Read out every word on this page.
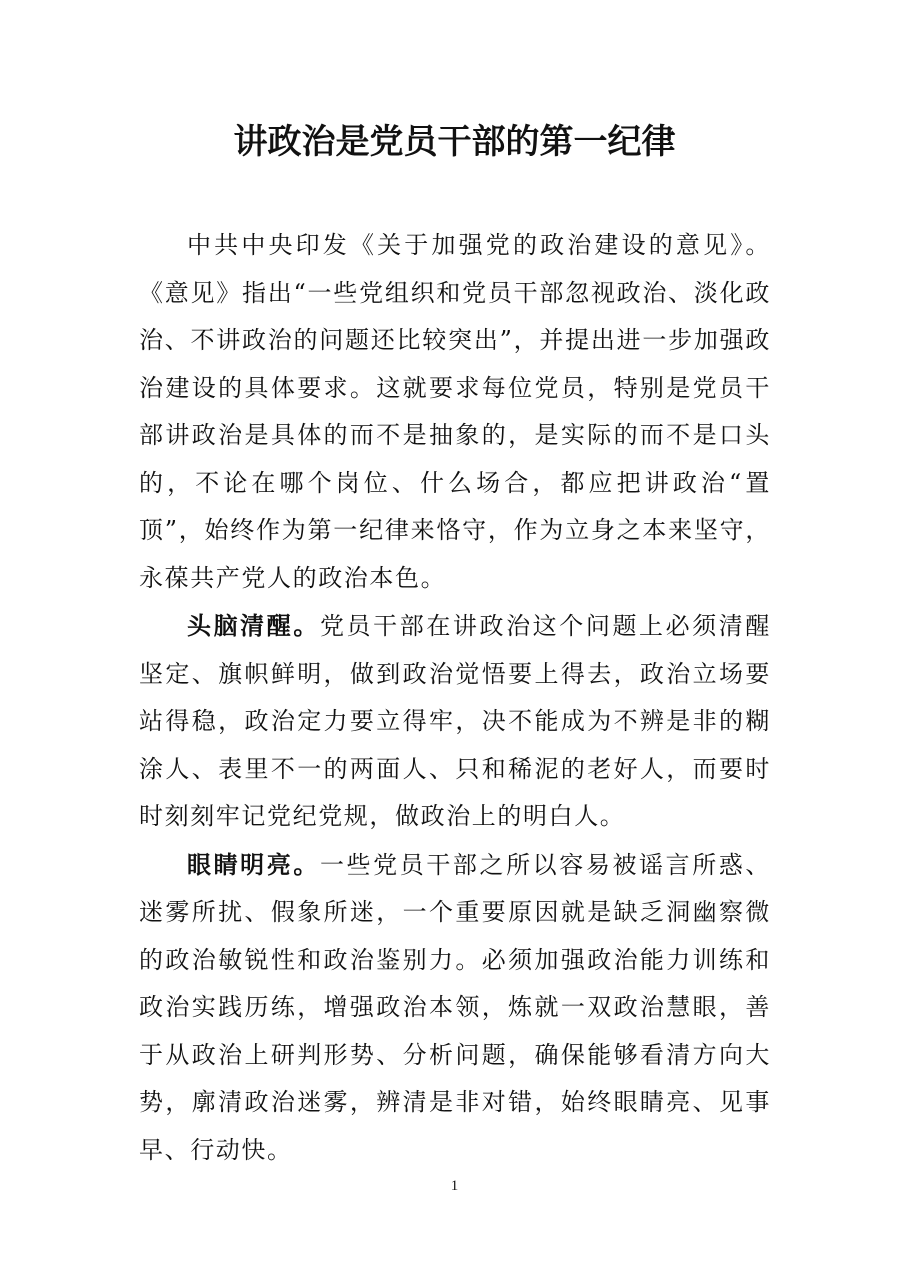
讲政治是党员干部的第一纪律

中共中央印发《关于加强党的政治建设的意见》。《意见》指出“一些党组织和党员干部忽视政治、淡化政治、不讲政治的问题还比较突出”，并提出进一步加强政治建设的具体要求。这就要求每位党员，特别是党员干部讲政治是具体的而不是抽象的，是实际的而不是口头的，不论在哪个岗位、什么场合，都应把讲政治“置顶”，始终作为第一纪律来恪守，作为立身之本来坚守，永葆共产党人的政治本色。

头脑清醒。党员干部在讲政治这个问题上必须清醒坚定、旗帜鲜明，做到政治觉悟要上得去，政治立场要站得稳，政治定力要立得牢，决不能成为不辨是非的糊涂人、表里不一的两面人、只和稀泥的老好人，而要时时刻刻牢记党纪党规，做政治上的明白人。

眼睛明亮。一些党员干部之所以容易被谣言所惑、迷雾所扰、假象所迷，一个重要原因就是缺乏洞幽察微的政治敏锐性和政治鉴别力。必须加强政治能力训练和政治实践历练，增强政治本领，炼就一双政治慧眼，善于从政治上研判形势、分析问题，确保能够看清方向大势，廓清政治迷雾，辨清是非对错，始终眼睛亮、见事早、行动快。

1
